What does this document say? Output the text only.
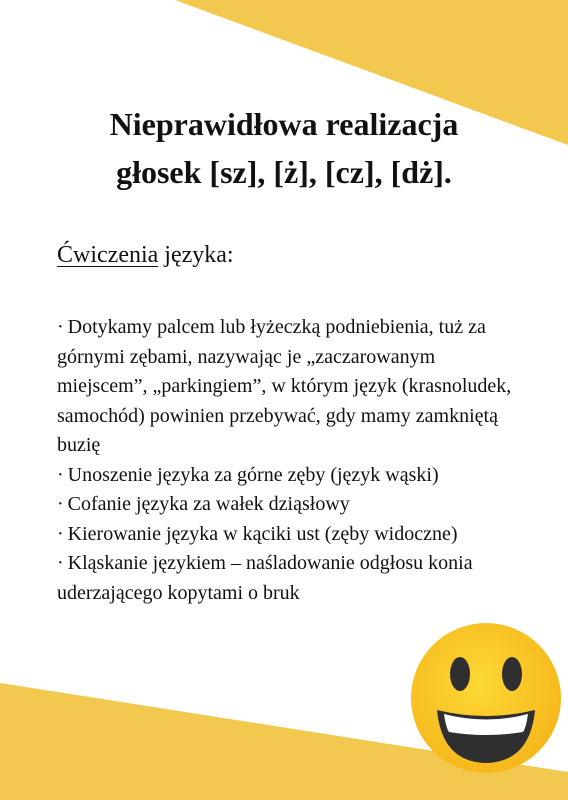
Nieprawidłowa realizacja
głosek [sz], [ż], [cz], [dż].

Ćwiczenia języka:

· Dotykamy palcem lub łyżeczką podniebienia, tuż za górnymi zębami, nazywając je „zaczarowanym miejscem”, „parkingiem”, w którym język (krasnoludek, samochód) powinien przebywać, gdy mamy zamkniętą buzię
· Unoszenie języka za górne zęby (język wąski)
· Cofanie języka za wałek dziąsłowy
· Kierowanie języka w kąciki ust (zęby widoczne)
· Kląskanie językiem – naśladowanie odgłosu konia uderzającego kopytami o bruk
